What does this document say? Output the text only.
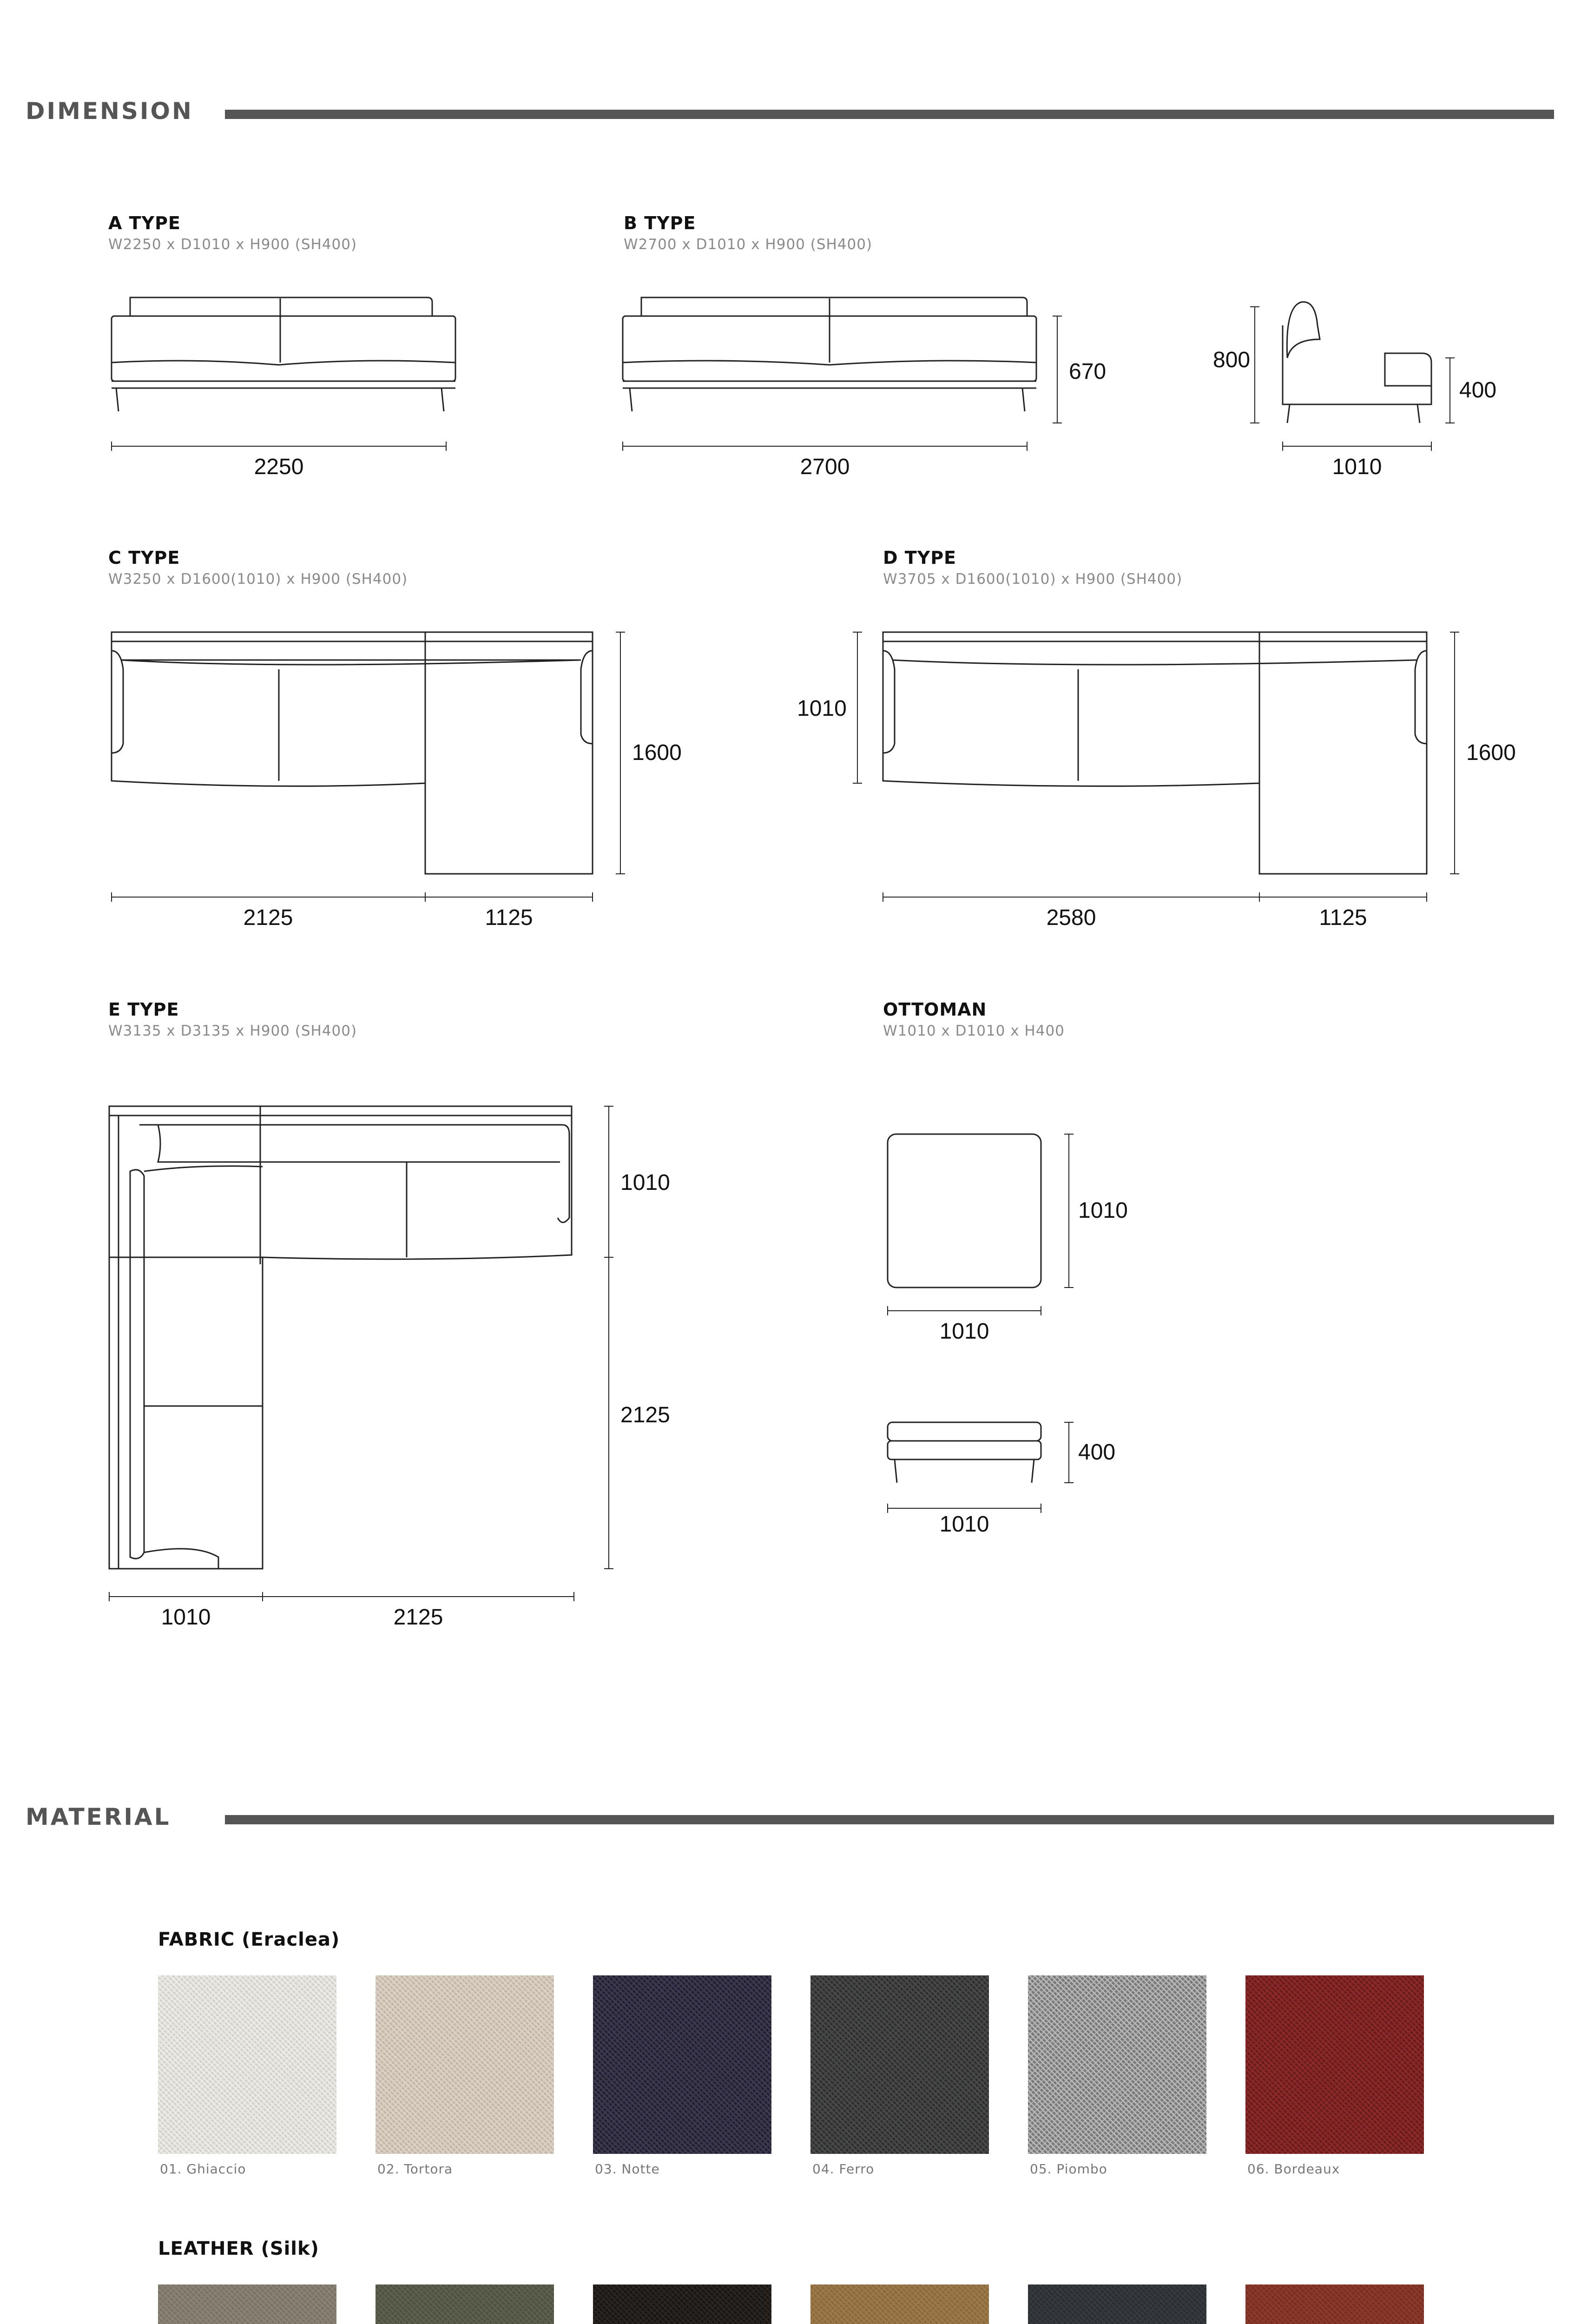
DIMENSION
A TYPE
W2250 x D1010 x H900 (SH400)
2250
B TYPE
W2700 x D1010 x H900 (SH400)
2700
670	800
400
1010
C TYPE
W3250 x D1600(1010) x H900 (SH400)
2125	1125
1600
D TYPE
W3705 x D1600(1010) x H900 (SH400)
1010
2580	1125
1600
E TYPE
W3135 x D3135 x H900 (SH400)
1010
2125
1010	2125
OTTOMAN
W1010 x D1010 x H400
1010
1010
400
1010
MATERIAL
FABRIC (Eraclea)
01. Ghiaccio	02. Tortora	03. Notte	04. Ferro	05. Piombo	06. Bordeaux
LEATHER (Silk)
